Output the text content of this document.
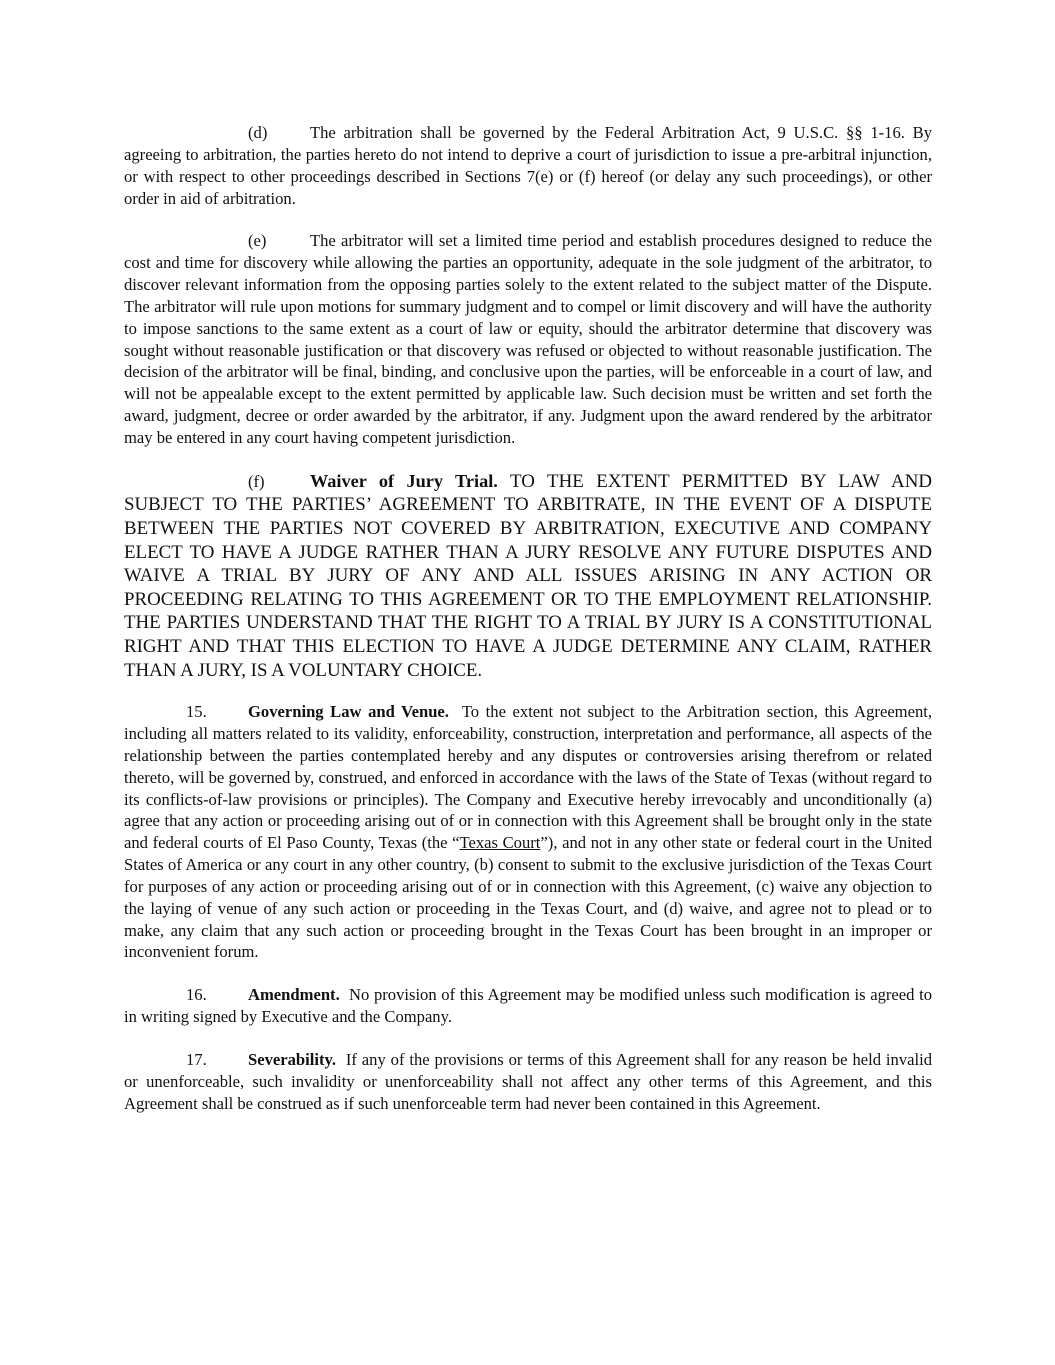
(d)	The arbitration shall be governed by the Federal Arbitration Act, 9 U.S.C. §§ 1-16. By agreeing to arbitration, the parties hereto do not intend to deprive a court of jurisdiction to issue a pre-arbitral injunction, or with respect to other proceedings described in Sections 7(e) or (f) hereof (or delay any such proceedings), or other order in aid of arbitration.

(e)	The arbitrator will set a limited time period and establish procedures designed to reduce the cost and time for discovery while allowing the parties an opportunity, adequate in the sole judgment of the arbitrator, to discover relevant information from the opposing parties solely to the extent related to the subject matter of the Dispute. The arbitrator will rule upon motions for summary judgment and to compel or limit discovery and will have the authority to impose sanctions to the same extent as a court of law or equity, should the arbitrator determine that discovery was sought without reasonable justification or that discovery was refused or objected to without reasonable justification. The decision of the arbitrator will be final, binding, and conclusive upon the parties, will be enforceable in a court of law, and will not be appealable except to the extent permitted by applicable law. Such decision must be written and set forth the award, judgment, decree or order awarded by the arbitrator, if any. Judgment upon the award rendered by the arbitrator may be entered in any court having competent jurisdiction.

(f) Waiver of Jury Trial. TO THE EXTENT PERMITTED BY LAW AND SUBJECT TO THE PARTIES’ AGREEMENT TO ARBITRATE, IN THE EVENT OF A DISPUTE BETWEEN THE PARTIES NOT COVERED BY ARBITRATION, EXECUTIVE AND COMPANY ELECT TO HAVE A JUDGE RATHER THAN A JURY RESOLVE ANY FUTURE DISPUTES AND WAIVE A TRIAL BY JURY OF ANY AND ALL ISSUES ARISING IN ANY ACTION OR PROCEEDING RELATING TO THIS AGREEMENT OR TO THE EMPLOYMENT RELATIONSHIP. THE PARTIES UNDERSTAND THAT THE RIGHT TO A TRIAL BY JURY IS A CONSTITUTIONAL RIGHT AND THAT THIS ELECTION TO HAVE A JUDGE DETERMINE ANY CLAIM, RATHER THAN A JURY, IS A VOLUNTARY CHOICE.

15. Governing Law and Venue. To the extent not subject to the Arbitration section, this Agreement, including all matters related to its validity, enforceability, construction, interpretation and performance, all aspects of the relationship between the parties contemplated hereby and any disputes or controversies arising therefrom or related thereto, will be governed by, construed, and enforced in accordance with the laws of the State of Texas (without regard to its conflicts-of-law provisions or principles). The Company and Executive hereby irrevocably and unconditionally (a) agree that any action or proceeding arising out of or in connection with this Agreement shall be brought only in the state and federal courts of El Paso County, Texas (the “Texas Court”), and not in any other state or federal court in the United States of America or any court in any other country, (b) consent to submit to the exclusive jurisdiction of the Texas Court for purposes of any action or proceeding arising out of or in connection with this Agreement, (c) waive any objection to the laying of venue of any such action or proceeding in the Texas Court, and (d) waive, and agree not to plead or to make, any claim that any such action or proceeding brought in the Texas Court has been brought in an improper or inconvenient forum.

16. Amendment. No provision of this Agreement may be modified unless such modification is agreed to in writing signed by Executive and the Company.

17. Severability. If any of the provisions or terms of this Agreement shall for any reason be held invalid or unenforceable, such invalidity or unenforceability shall not affect any other terms of this Agreement, and this Agreement shall be construed as if such unenforceable term had never been contained in this Agreement.
